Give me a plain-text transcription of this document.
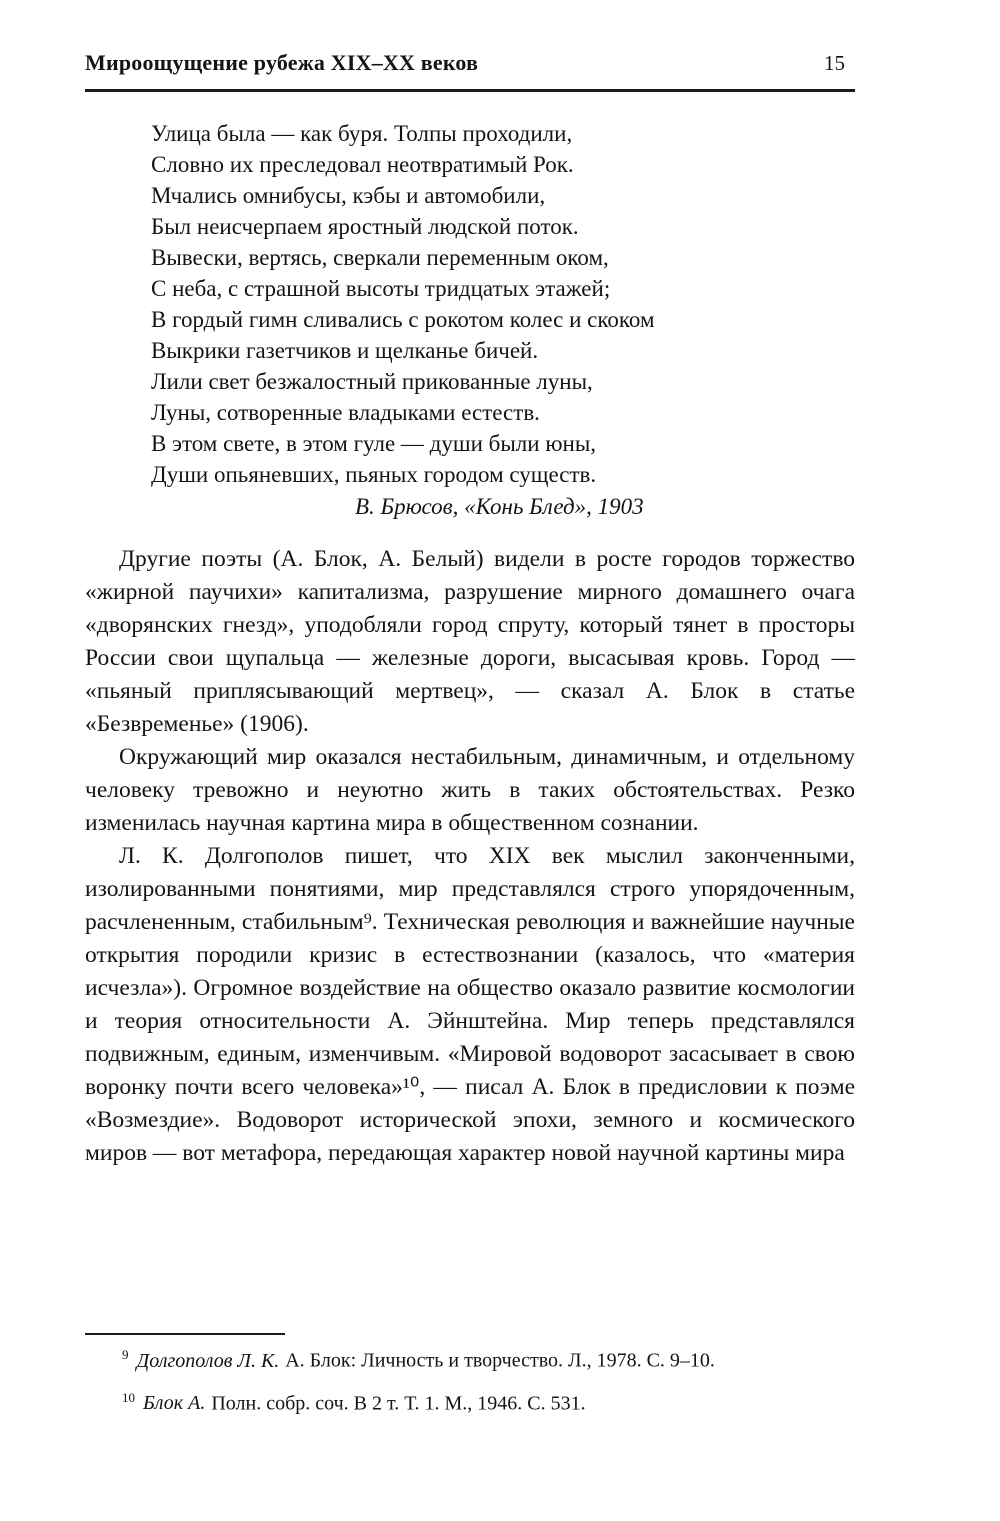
Мироощущение рубежа XIX–XX веков	15
Улица была — как буря. Толпы проходили,
Словно их преследовал неотвратимый Рок.
Мчались омнибусы, кэбы и автомобили,
Был неисчерпаем яростный людской поток.
Вывески, вертясь, сверкали переменным оком,
С неба, с страшной высоты тридцатых этажей;
В гордый гимн сливались с рокотом колес и скоком
Выкрики газетчиков и щелканье бичей.
Лили свет безжалостный прикованные луны,
Луны, сотворенные владыками естеств.
В этом свете, в этом гуле — души были юны,
Души опьяневших, пьяных городом существ.
В. Брюсов, «Конь Блед», 1903

Другие поэты (А. Блок, А. Белый) видели в росте городов торжество «жирной паучихи» капитализма, разрушение мирного домашнего очага «дворянских гнезд», уподобляли город спруту, который тянет в просторы России свои щупальца — железные дороги, высасывая кровь. Город — «пьяный приплясывающий мертвец», — сказал А. Блок в статье «Безвременье» (1906).

Окружающий мир оказался нестабильным, динамичным, и отдельному человеку тревожно и неуютно жить в таких обстоятельствах. Резко изменилась научная картина мира в общественном сознании.

Л. К. Долгополов пишет, что XIX век мыслил законченными, изолированными понятиями, мир представлялся строго упорядоченным, расчлененным, стабильным⁹. Техническая революция и важнейшие научные открытия породили кризис в естествознании (казалось, что «материя исчезла»). Огромное воздействие на общество оказало развитие космологии и теория относительности А. Эйнштейна. Мир теперь представлялся подвижным, единым, изменчивым. «Мировой водоворот засасывает в свою воронку почти всего человека»¹⁰, — писал А. Блок в предисловии к поэме «Возмездие». Водоворот исторической эпохи, земного и космического миров — вот метафора, передающая характер новой научной картины мира

$^9$ Долгополов Л. К. А. Блок: Личность и творчество. Л., 1978. С. 9–10.
$^{10}$ Блок А. Полн. собр. соч. В 2 т. Т. 1. М., 1946. С. 531.
